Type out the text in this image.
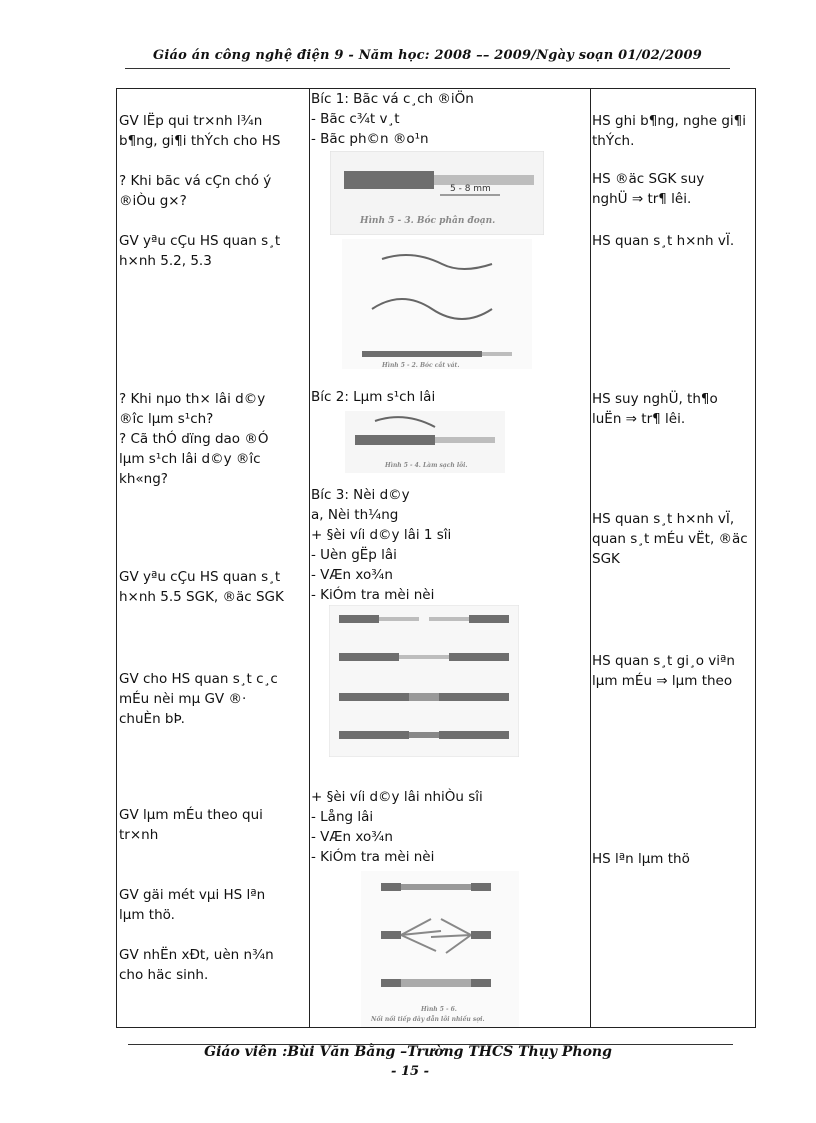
Giáo án công nghệ điện 9 - Năm học: 2008 –– 2009/Ngày soạn 01/02/2009
GV lËp qui tr×nh l¾n
b¶ng, gi¶i thÝch cho HS
? Khi bãc vá cÇn chó ý
®iÒu g×?
GV yªu cÇu HS quan s¸t
h×nh 5.2, 5.3
? Khi nµo th× lâi d©y
®îc lµm s¹ch?
? Cã thÓ dïng dao ®Ó
lµm s¹ch lâi d©y ®îc
kh«ng?
GV yªu cÇu HS quan s¸t
h×nh 5.5 SGK, ®äc SGK
GV cho HS quan s¸t c¸c
mÉu nèi mµ GV ®·
chuÈn bÞ.
GV lµm mÉu theo qui
tr×nh
GV gäi mét vµi HS lªn
lµm thö.
GV nhËn xÐt, uèn n¾n
cho häc sinh.
Bíc 1: Bãc vá c¸ch ®iÖn
- Bãc c¾t v¸t
- Bãc ph©n ®o¹n
5 - 8 mm
Hình 5 - 3. Bóc phân đoạn.
Hình 5 - 2. Bóc cắt vát.
Bíc 2: Lµm s¹ch lâi
Hình 5 - 4. Làm sạch lõi.
Bíc 3: Nèi d©y
a, Nèi th¼ng
+ §èi víi d©y lâi 1 sîi
- Uèn gËp lâi
- VÆn xo¾n
- KiÓm tra mèi nèi
+ §èi víi d©y lâi nhiÒu sîi
- Lång lâi
- VÆn xo¾n
- KiÓm tra mèi nèi
Hình 5 - 6.
Nối nối tiếp dây dẫn lõi nhiều sợi.
HS ghi b¶ng, nghe gi¶i
thÝch.
HS ®äc SGK suy
nghÜ ⇒ tr¶ lêi.
HS quan s¸t h×nh vÏ.
HS suy nghÜ, th¶o
luËn ⇒ tr¶ lêi.
HS quan s¸t h×nh vÏ,
quan s¸t mÉu vËt, ®äc
SGK
HS quan s¸t gi¸o viªn
lµm mÉu ⇒ lµm theo
HS lªn lµm thö
Giáo viên :Bùi Văn Bằng –Trường THCS Thụy Phong
- 15 -
